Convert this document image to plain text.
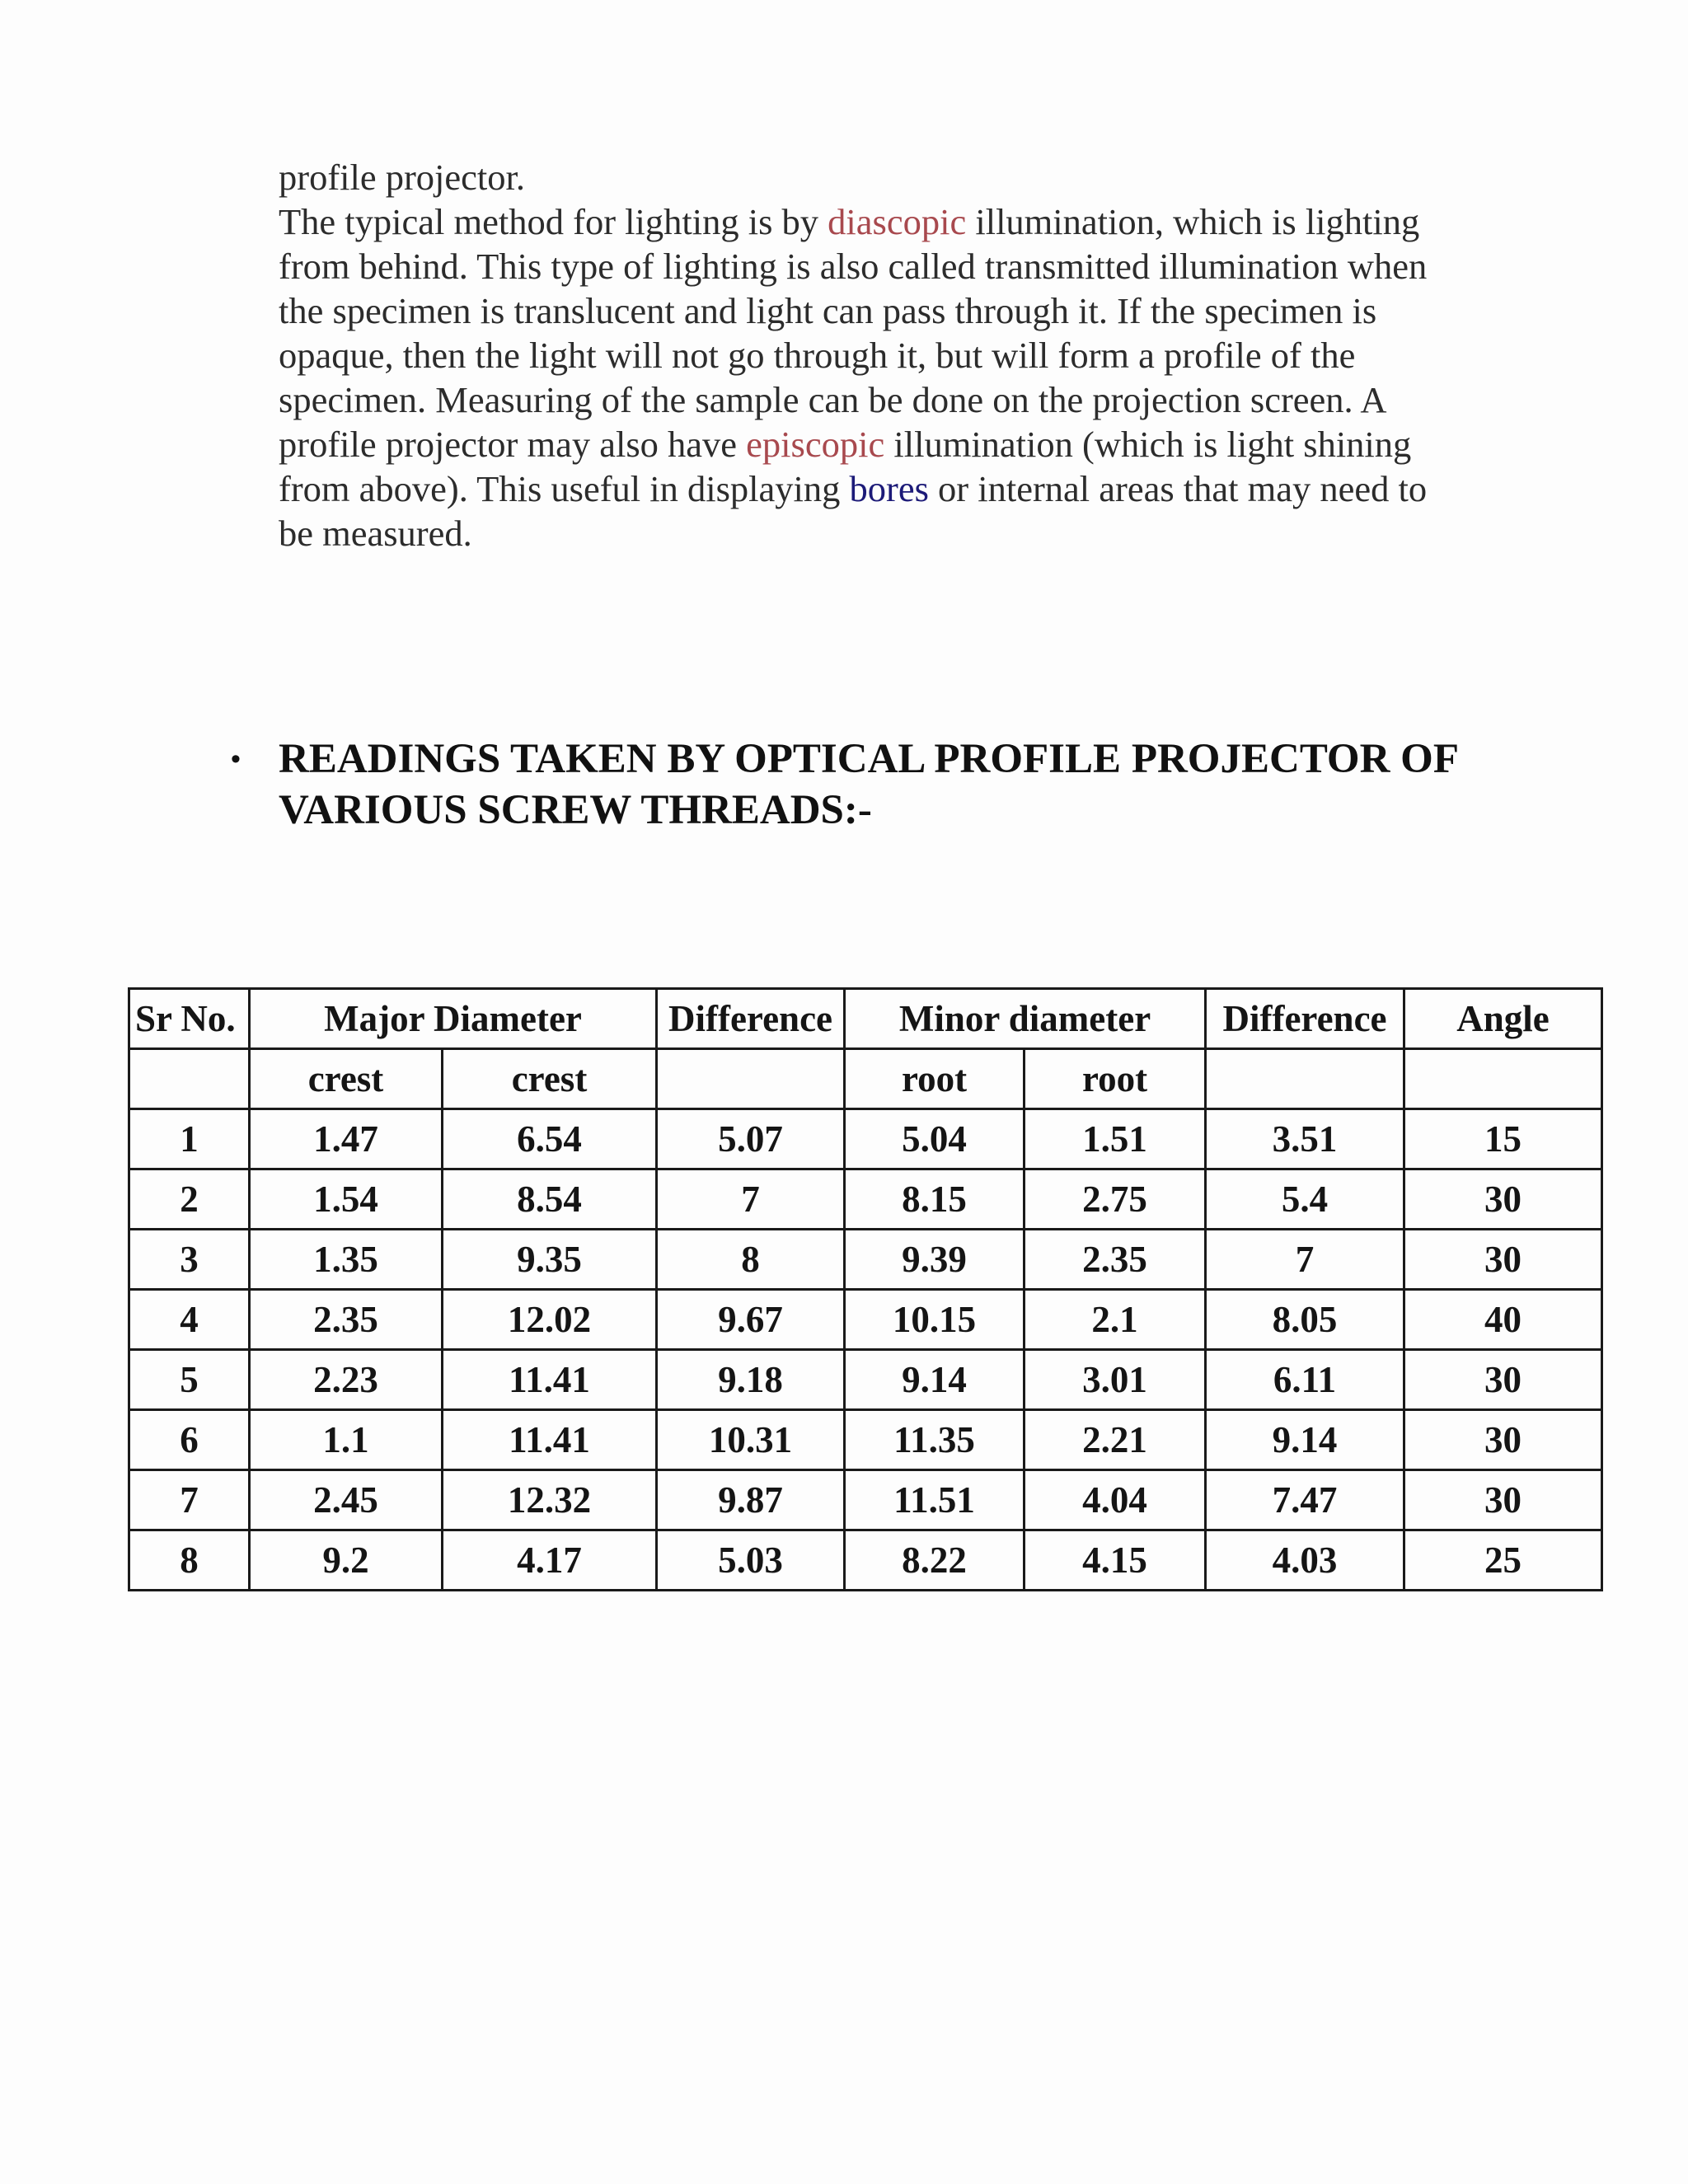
profile projector.
The typical method for lighting is by diascopic illumination, which is lighting
from behind. This type of lighting is also called transmitted illumination when
the specimen is translucent and light can pass through it. If the specimen is
opaque, then the light will not go through it, but will form a profile of the
specimen. Measuring of the sample can be done on the projection screen. A
profile projector may also have episcopic illumination (which is light shining
from above). This useful in displaying bores or internal areas that may need to
be measured.
• READINGS TAKEN BY OPTICAL PROFILE PROJECTOR OF
VARIOUS SCREW THREADS:-
Sr No.	Major Diameter		Difference	Minor diameter		Difference	Angle
	crest	crest		root	root		
1	1.47	6.54	5.07	5.04	1.51	3.51	15
2	1.54	8.54	7	8.15	2.75	5.4	30
3	1.35	9.35	8	9.39	2.35	7	30
4	2.35	12.02	9.67	10.15	2.1	8.05	40
5	2.23	11.41	9.18	9.14	3.01	6.11	30
6	1.1	11.41	10.31	11.35	2.21	9.14	30
7	2.45	12.32	9.87	11.51	4.04	7.47	30
8	9.2	4.17	5.03	8.22	4.15	4.03	25
